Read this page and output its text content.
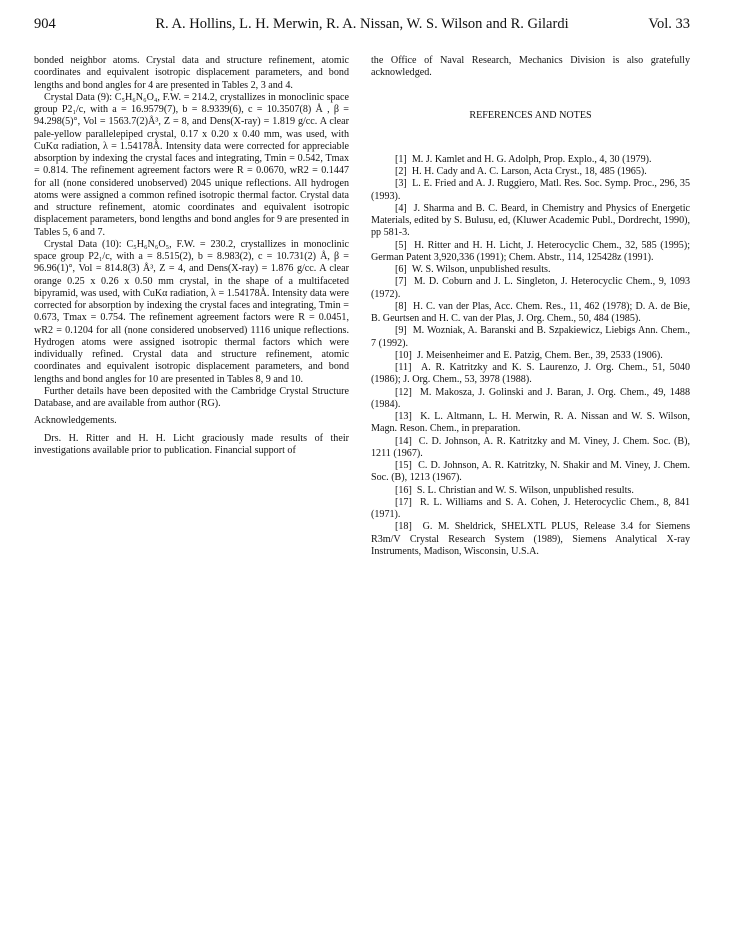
904	R. A. Hollins, L. H. Merwin, R. A. Nissan, W. S. Wilson and R. Gilardi	Vol. 33

bonded neighbor atoms. Crystal data and structure refinement, atomic coordinates and equivalent isotropic displacement parameters, and bond lengths and bond angles for 4 are presented in Tables 2, 3 and 4.

Crystal Data (9): C₅H₆N₆O₄, F.W. = 214.2, crystallizes in monoclinic space group P2₁/c, with a = 16.9579(7), b = 8.9339(6), c = 10.3507(8) Å , β = 94.298(5)°, Vol = 1563.7(2)Å³, Z = 8, and Dens(X-ray) = 1.819 g/cc. A clear pale-yellow parallelepiped crystal, 0.17 x 0.20 x 0.40 mm, was used, with CuKα radiation, λ = 1.54178Å. Intensity data were corrected for appreciable absorption by indexing the crystal faces and integrating, Tmin = 0.542, Tmax = 0.814. The refinement agreement factors were R = 0.0670, wR2 = 0.1447 for all (none considered unobserved) 2045 unique reflections. All hydrogen atoms were assigned a common refined isotropic thermal factor. Crystal data and structure refinement, atomic coordinates and equivalent isotropic displacement parameters, bond lengths and bond angles for 9 are presented in Tables 5, 6 and 7.

Crystal Data (10): C₅H₆N₆O₅, F.W. = 230.2, crystallizes in monoclinic space group P2₁/c, with a = 8.515(2), b = 8.983(2), c = 10.731(2) Å, β = 96.96(1)°, Vol = 814.8(3) Å³, Z = 4, and Dens(X-ray) = 1.876 g/cc. A clear orange 0.25 x 0.26 x 0.50 mm crystal, in the shape of a multifaceted bipyramid, was used, with CuKα radiation, λ = 1.54178Å. Intensity data were corrected for absorption by indexing the crystal faces and integrating, Tmin = 0.673, Tmax = 0.754. The refinement agreement factors were R = 0.0451, wR2 = 0.1204 for all (none considered unobserved) 1116 unique reflections. Hydrogen atoms were assigned isotropic thermal factors which were individually refined. Crystal data and structure refinement, atomic coordinates and equivalent isotropic displacement parameters, and bond lengths and bond angles for 10 are presented in Tables 8, 9 and 10.

Further details have been deposited with the Cambridge Crystal Structure Database, and are available from author (RG).

Acknowledgements.

Drs. H. Ritter and H. H. Licht graciously made results of their investigations available prior to publication. Financial support of

the Office of Naval Research, Mechanics Division is also gratefully acknowledged.

REFERENCES AND NOTES

[1] M. J. Kamlet and H. G. Adolph, Prop. Explo., 4, 30 (1979).

[2] H. H. Cady and A. C. Larson, Acta Cryst., 18, 485 (1965).

[3] L. E. Fried and A. J. Ruggiero, Matl. Res. Soc. Symp. Proc., 296, 35 (1993).

[4] J. Sharma and B. C. Beard, in Chemistry and Physics of Energetic Materials, edited by S. Bulusu, ed, (Kluwer Academic Publ., Dordrecht, 1990), pp 581-3.

[5] H. Ritter and H. H. Licht, J. Heterocyclic Chem., 32, 585 (1995); German Patent 3,920,336 (1991); Chem. Abstr., 114, 125428z (1991).

[6] W. S. Wilson, unpublished results.

[7] M. D. Coburn and J. L. Singleton, J. Heterocyclic Chem., 9, 1093 (1972).

[8] H. C. van der Plas, Acc. Chem. Res., 11, 462 (1978); D. A. de Bie, B. Geurtsen and H. C. van der Plas, J. Org. Chem., 50, 484 (1985).

[9] M. Wozniak, A. Baranski and B. Szpakiewicz, Liebigs Ann. Chem., 7 (1992).

[10] J. Meisenheimer and E. Patzig, Chem. Ber., 39, 2533 (1906).

[11] A. R. Katritzky and K. S. Laurenzo, J. Org. Chem., 51, 5040 (1986); J. Org. Chem., 53, 3978 (1988).

[12] M. Makosza, J. Golinski and J. Baran, J. Org. Chem., 49, 1488 (1984).

[13] K. L. Altmann, L. H. Merwin, R. A. Nissan and W. S. Wilson, Magn. Reson. Chem., in preparation.

[14] C. D. Johnson, A. R. Katritzky and M. Viney, J. Chem. Soc. (B), 1211 (1967).

[15] C. D. Johnson, A. R. Katritzky, N. Shakir and M. Viney, J. Chem. Soc. (B), 1213 (1967).

[16] S. L. Christian and W. S. Wilson, unpublished results.

[17] R. L. Williams and S. A. Cohen, J. Heterocyclic Chem., 8, 841 (1971).

[18] G. M. Sheldrick, SHELXTL PLUS, Release 3.4 for Siemens R3m/V Crystal Research System (1989), Siemens Analytical X-ray Instruments, Madison, Wisconsin, U.S.A.
